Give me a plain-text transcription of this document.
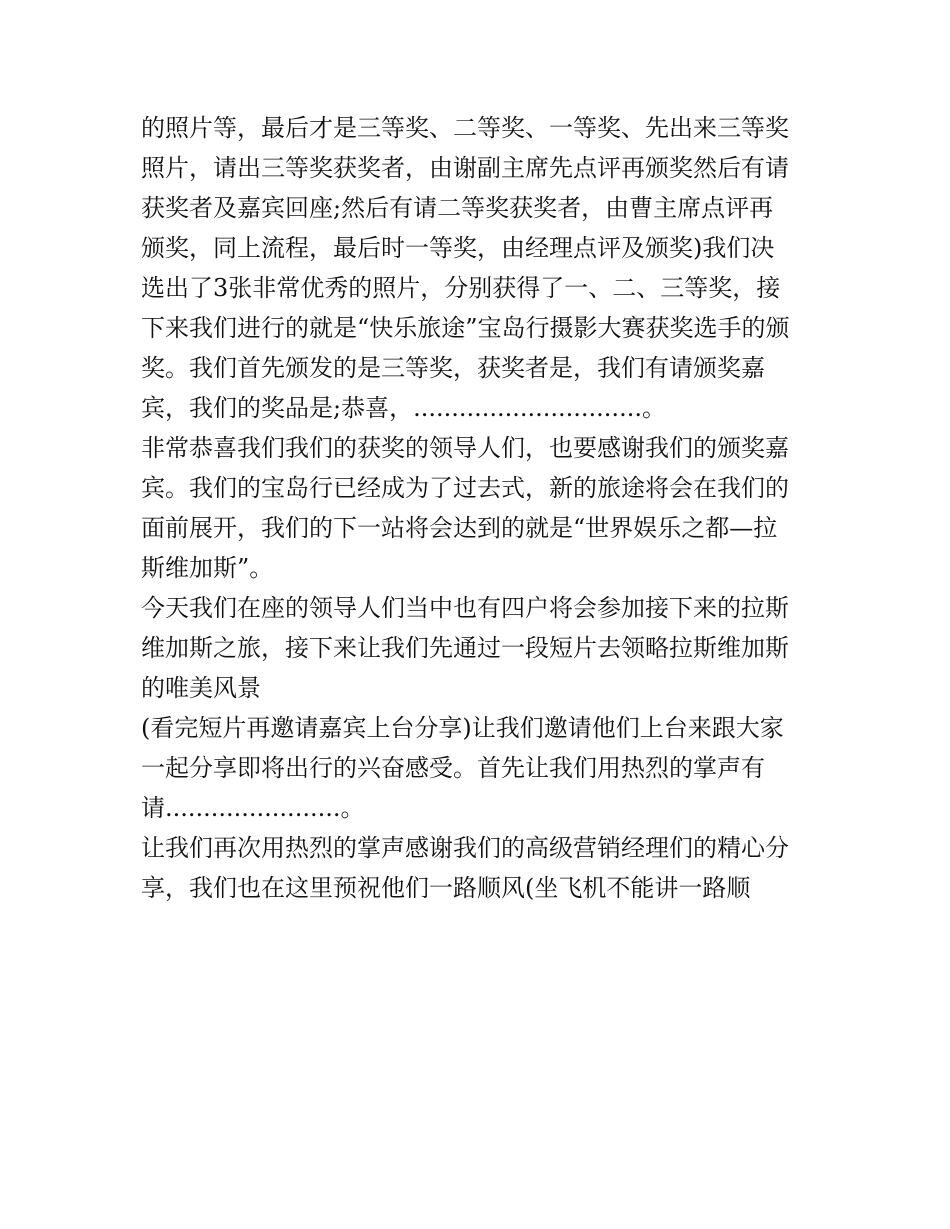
的照片等，最后才是三等奖、二等奖、一等奖、先出来三等奖
照片，请出三等奖获奖者，由谢副主席先点评再颁奖然后有请
获奖者及嘉宾回座;然后有请二等奖获奖者，由曹主席点评再
颁奖，同上流程，最后时一等奖，由经理点评及颁奖)我们决
选出了3张非常优秀的照片，分别获得了一、二、三等奖，接
下来我们进行的就是“快乐旅途”宝岛行摄影大赛获奖选手的颁
奖。我们首先颁发的是三等奖，获奖者是，我们有请颁奖嘉
宾，我们的奖品是;恭喜，..............................。
非常恭喜我们我们的获奖的领导人们，也要感谢我们的颁奖嘉
宾。我们的宝岛行已经成为了过去式，新的旅途将会在我们的
面前展开，我们的下一站将会达到的就是“世界娱乐之都—拉
斯维加斯”。
今天我们在座的领导人们当中也有四户将会参加接下来的拉斯
维加斯之旅，接下来让我们先通过一段短片去领略拉斯维加斯
的唯美风景
(看完短片再邀请嘉宾上台分享)让我们邀请他们上台来跟大家
一起分享即将出行的兴奋感受。首先让我们用热烈的掌声有
请.......................。
让我们再次用热烈的掌声感谢我们的高级营销经理们的精心分
享，我们也在这里预祝他们一路顺风(坐飞机不能讲一路顺
